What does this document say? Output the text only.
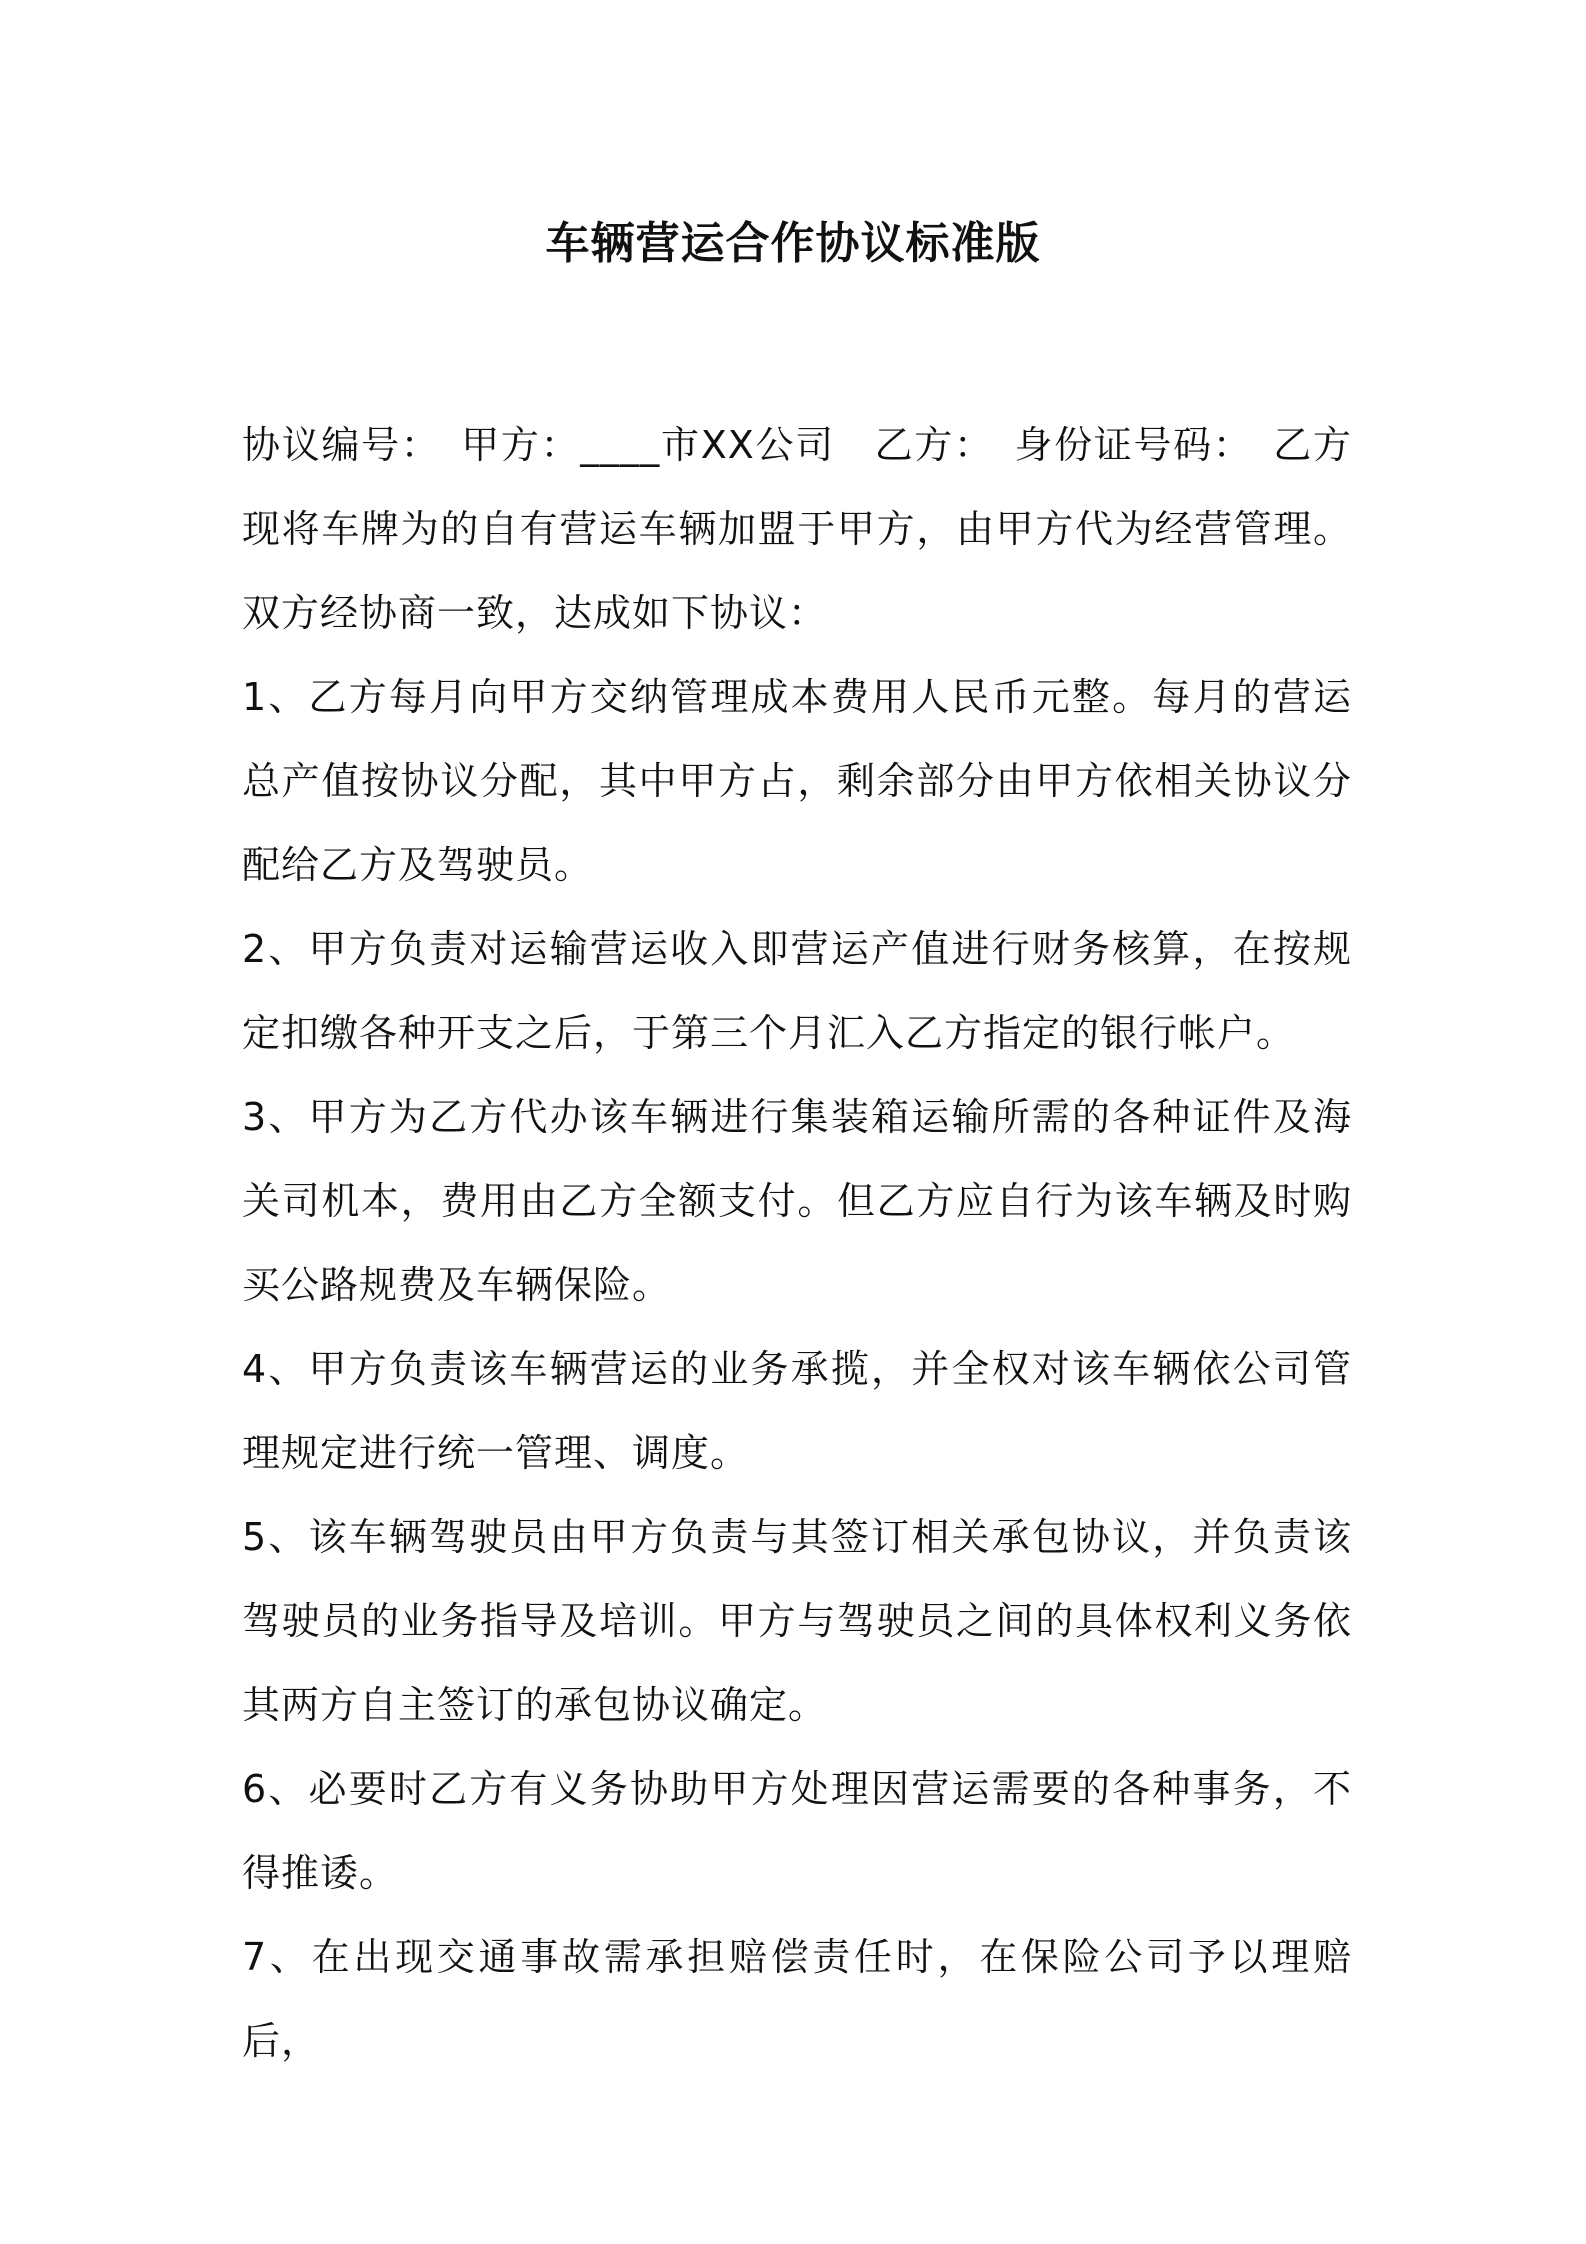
车辆营运合作协议标准版

协议编号：　甲方：____市XX公司　乙方：　身份证号码：　乙方现将车牌为的自有营运车辆加盟于甲方，由甲方代为经营管理。双方经协商一致，达成如下协议：

1、乙方每月向甲方交纳管理成本费用人民币元整。每月的营运总产值按协议分配，其中甲方占，剩余部分由甲方依相关协议分配给乙方及驾驶员。

2、甲方负责对运输营运收入即营运产值进行财务核算，在按规定扣缴各种开支之后，于第三个月汇入乙方指定的银行帐户。

3、甲方为乙方代办该车辆进行集装箱运输所需的各种证件及海关司机本，费用由乙方全额支付。但乙方应自行为该车辆及时购买公路规费及车辆保险。

4、甲方负责该车辆营运的业务承揽，并全权对该车辆依公司管理规定进行统一管理、调度。

5、该车辆驾驶员由甲方负责与其签订相关承包协议，并负责该驾驶员的业务指导及培训。甲方与驾驶员之间的具体权利义务依其两方自主签订的承包协议确定。

6、必要时乙方有义务协助甲方处理因营运需要的各种事务，不得推诿。

7、在出现交通事故需承担赔偿责任时，在保险公司予以理赔后，
